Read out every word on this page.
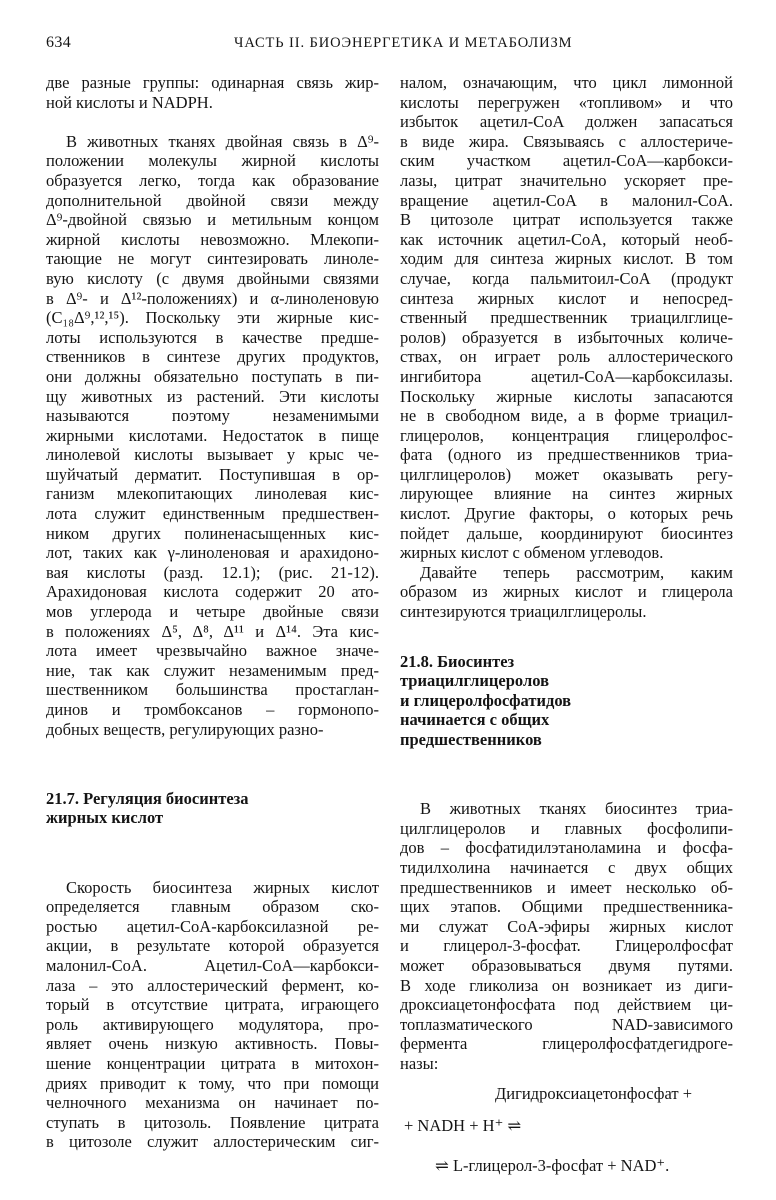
634	ЧАСТЬ II. БИОЭНЕРГЕТИКА И МЕТАБОЛИЗМ
две разные группы: одинарная связь жир-
ной кислоты и NADPH.
В животных тканях двойная связь в Δ⁹-
положении молекулы жирной кислоты
образуется легко, тогда как образование
дополнительной двойной связи между
Δ⁹-двойной связью и метильным концом
жирной кислоты невозможно. Млекопи-
тающие не могут синтезировать линоле-
вую кислоту (с двумя двойными связями
в Δ⁹- и Δ¹²-положениях) и α-линоленовую
(C₁₈Δ⁹,¹²,¹⁵). Поскольку эти жирные кис-
лоты используются в качестве предше-
ственников в синтезе других продуктов,
они должны обязательно поступать в пи-
щу животных из растений. Эти кислоты
называются поэтому незаменимыми
жирными кислотами. Недостаток в пище
линолевой кислоты вызывает у крыс че-
шуйчатый дерматит. Поступившая в ор-
ганизм млекопитающих линолевая кис-
лота служит единственным предшествен-
ником других полиненасыщенных кис-
лот, таких как γ-линоленовая и арахидоно-
вая кислоты (разд. 12.1); (рис. 21-12).
Арахидоновая кислота содержит 20 ато-
мов углерода и четыре двойные связи
в положениях Δ⁵, Δ⁸, Δ¹¹ и Δ¹⁴. Эта кис-
лота имеет чрезвычайно важное значе-
ние, так как служит незаменимым пред-
шественником большинства простаглан-
динов и тромбоксанов – гормонопо-
добных веществ, регулирующих разно-
21.7. Регуляция биосинтеза
жирных кислот
Скорость биосинтеза жирных кислот
определяется главным образом ско-
ростью ацетил-CoA-карбоксилазной ре-
акции, в результате которой образуется
малонил-CoA. Ацетил-CoA—карбокси-
лаза – это аллостерический фермент, ко-
торый в отсутствие цитрата, играющего
роль активирующего модулятора, про-
являет очень низкую активность. Повы-
шение концентрации цитрата в митохон-
дриях приводит к тому, что при помощи
челночного механизма он начинает по-
ступать в цитозоль. Появление цитрата
в цитозоле служит аллостерическим сиг-
налом, означающим, что цикл лимонной
кислоты перегружен «топливом» и что
избыток ацетил-CoA должен запасаться
в виде жира. Связываясь с аллостериче-
ским участком ацетил-CoA—карбокси-
лазы, цитрат значительно ускоряет пре-
вращение ацетил-CoA в малонил-CoA.
В цитозоле цитрат используется также
как источник ацетил-CoA, который необ-
ходим для синтеза жирных кислот. В том
случае, когда пальмитоил-CoA (продукт
синтеза жирных кислот и непосред-
ственный предшественник триацилглице-
ролов) образуется в избыточных количе-
ствах, он играет роль аллостерического
ингибитора ацетил-CoA—карбоксилазы.
Поскольку жирные кислоты запасаются
не в свободном виде, а в форме триацил-
глицеролов, концентрация глицеролфос-
фата (одного из предшественников триа-
цилглицеролов) может оказывать регу-
лирующее влияние на синтез жирных
кислот. Другие факторы, о которых речь
пойдет дальше, координируют биосинтез
жирных кислот с обменом углеводов.
Давайте теперь рассмотрим, каким
образом из жирных кислот и глицерола
синтезируются триацилглицеролы.
21.8. Биосинтез
триацилглицеролов
и глицеролфосфатидов
начинается с общих
предшественников
В животных тканях биосинтез триа-
цилглицеролов и главных фосфолипи-
дов – фосфатидилэтаноламина и фосфа-
тидилхолина начинается с двух общих
предшественников и имеет несколько об-
щих этапов. Общими предшественника-
ми служат CoA-эфиры жирных кислот
и глицерол-3-фосфат. Глицеролфосфат
может образовываться двумя путями.
В ходе гликолиза он возникает из диги-
дроксиацетонфосфата под действием ци-
топлазматического NAD-зависимого
фермента глицеролфосфатдегидроге-
назы:
Дигидроксиацетонфосфат +
+ NADH + H⁺ ⇌
⇌ L-глицерол-3-фосфат + NAD⁺.
